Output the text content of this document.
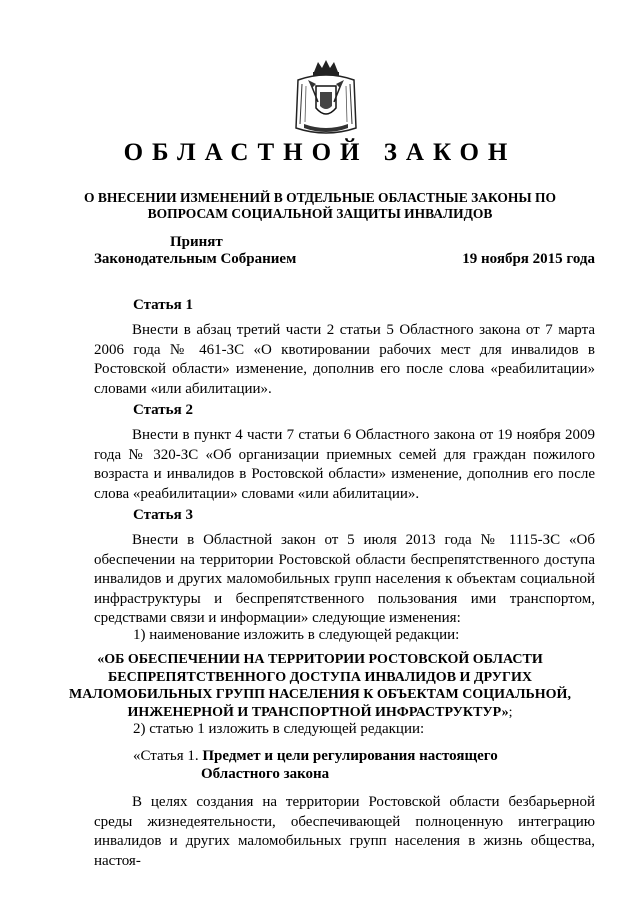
ОБЛАСТНОЙ ЗАКОН
О ВНЕСЕНИИ ИЗМЕНЕНИЙ В ОТДЕЛЬНЫЕ ОБЛАСТНЫЕ ЗАКОНЫ ПО
ВОПРОСАМ СОЦИАЛЬНОЙ ЗАЩИТЫ ИНВАЛИДОВ
Принят
Законодательным Собранием	19 ноября 2015 года
Статья 1

Внести в абзац третий части 2 статьи 5 Областного закона от 7 марта 2006 года № 461-ЗС «О квотировании рабочих мест для инвалидов в Ростовской области» изменение, дополнив его после слова «реабилитации» словами «или абилитации».

Статья 2

Внести в пункт 4 части 7 статьи 6 Областного закона от 19 ноября 2009 года № 320-ЗС «Об организации приемных семей для граждан пожилого возраста и инвалидов в Ростовской области» изменение, дополнив его после слова «реабилитации» словами «или абилитации».

Статья 3

Внести в Областной закон от 5 июля 2013 года № 1115-ЗС «Об обеспечении на территории Ростовской области беспрепятственного доступа инвалидов и других маломобильных групп населения к объектам социальной инфраструктуры и беспрепятственного пользования ими транспортом, средствами связи и информации» следующие изменения:

1) наименование изложить в следующей редакции:
«ОБ ОБЕСПЕЧЕНИИ НА ТЕРРИТОРИИ РОСТОВСКОЙ ОБЛАСТИ
БЕСПРЕПЯТСТВЕННОГО ДОСТУПА ИНВАЛИДОВ И ДРУГИХ
МАЛОМОБИЛЬНЫХ ГРУПП НАСЕЛЕНИЯ К ОБЪЕКТАМ СОЦИАЛЬНОЙ,
ИНЖЕНЕРНОЙ И ТРАНСПОРТНОЙ ИНФРАСТРУКТУР»;
2) статью 1 изложить в следующей редакции:
«Статья 1. Предмет и цели регулирования настоящего
Областного закона

В целях создания на территории Ростовской области безбарьерной среды жизнедеятельности, обеспечивающей полноценную интеграцию инвалидов и других маломобильных групп населения в жизнь общества, настоя-
